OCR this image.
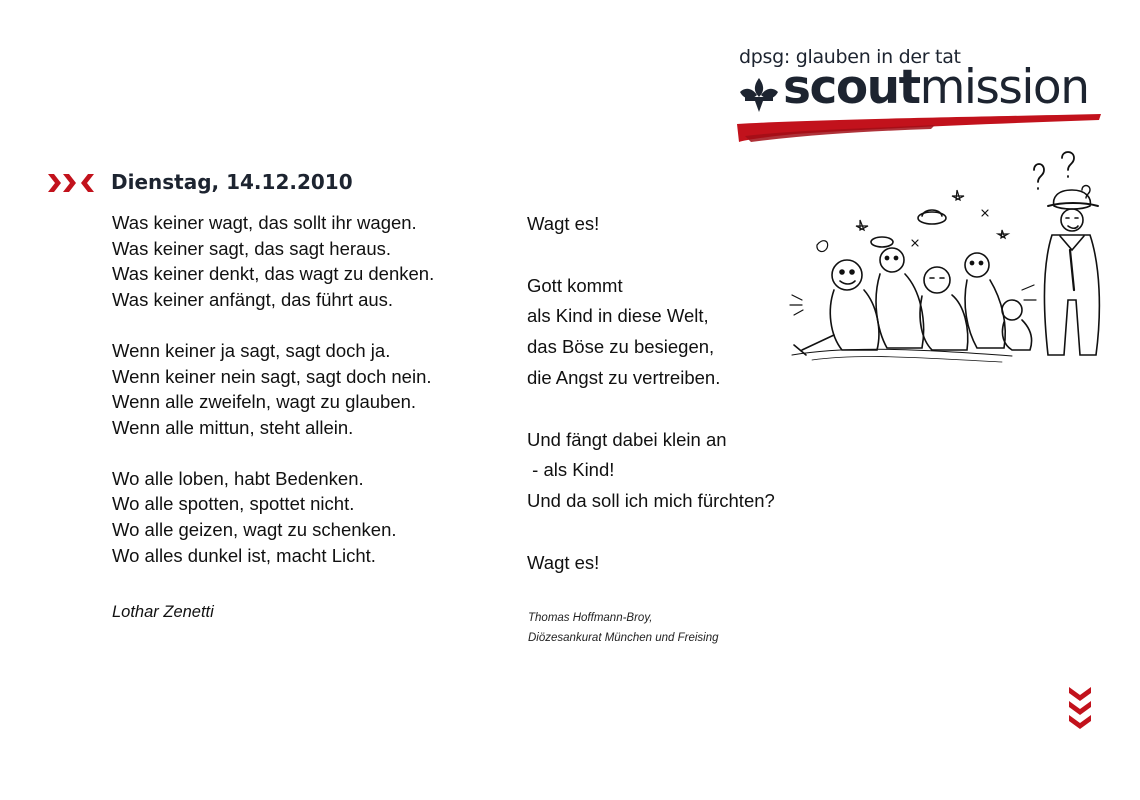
dpsg: glauben in der tat
scoutmission
Dienstag, 14.12.2010

Was keiner wagt, das sollt ihr wagen.

Was keiner sagt, das sagt heraus.

Was keiner denkt, das wagt zu denken.

Was keiner anfängt, das führt aus.

Wenn keiner ja sagt, sagt doch ja.

Wenn keiner nein sagt, sagt doch nein.

Wenn alle zweifeln, wagt zu glauben.

Wenn alle mittun, steht allein.

Wo alle loben, habt Bedenken.

Wo alle spotten, spottet nicht.

Wo alle geizen, wagt zu schenken.

Wo alles dunkel ist, macht Licht.

Lothar Zenetti

Wagt es!

Gott kommt

als Kind in diese Welt,

das Böse zu besiegen,

die Angst zu vertreiben.

Und fängt dabei klein an

- als Kind!

Und da soll ich mich fürchten?

Wagt es!

Thomas Hoffmann-Broy,

Diözesankurat München und Freising
